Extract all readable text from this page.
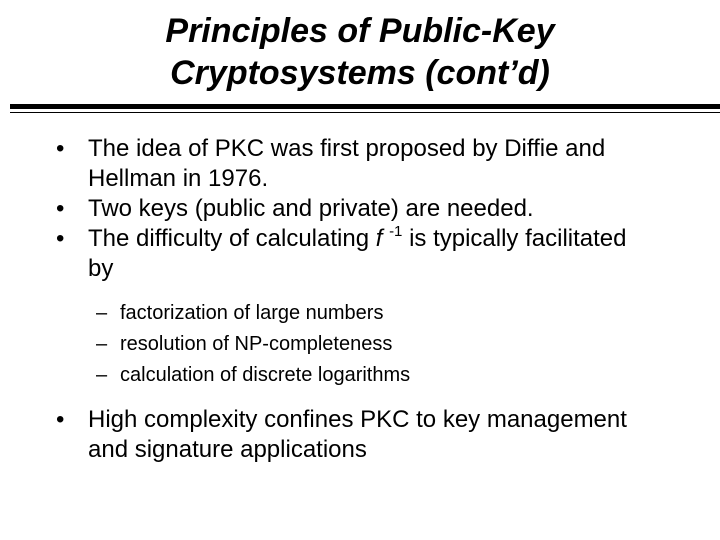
Principles of Public-Key
Cryptosystems (cont’d)
• The idea of PKC was first proposed by Diffie and Hellman in 1976.
• Two keys (public and private) are needed.
• The difficulty of calculating f $^{-1}$ is typically facilitated by
– factorization of large numbers
– resolution of NP-completeness
– calculation of discrete logarithms
• High complexity confines PKC to key management and signature applications
